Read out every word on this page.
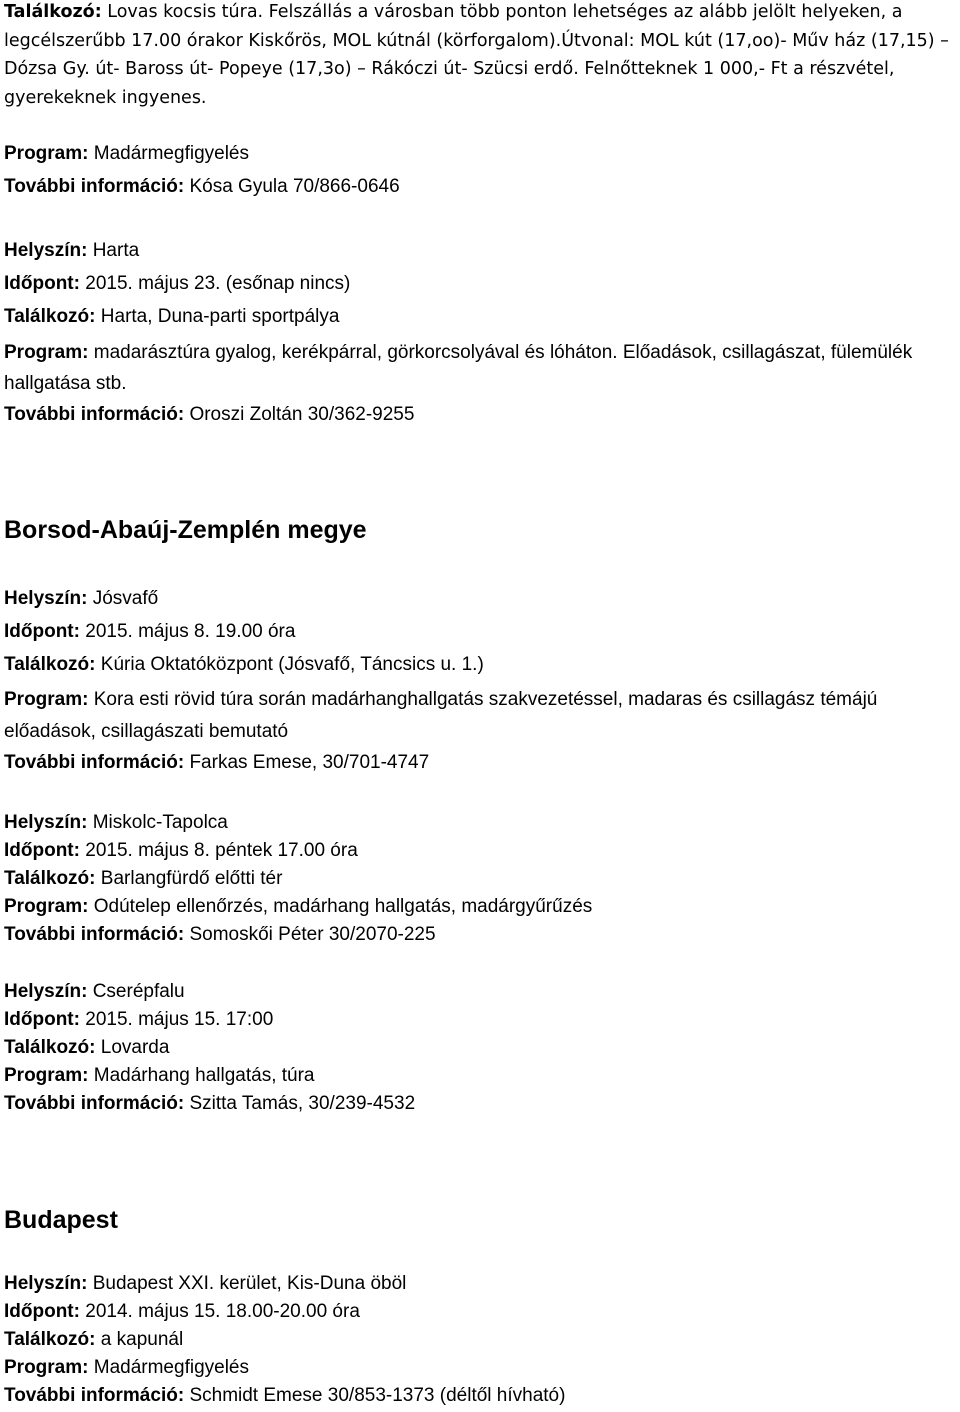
Találkozó: Lovas kocsis túra. Felszállás a városban több ponton lehetséges az alább jelölt helyeken, a legcélszerűbb 17.00 órakor Kiskőrös, MOL kútnál (körforgalom).Útvonal: MOL kút (17,oo)- Műv ház (17,15) – Dózsa Gy. út- Baross út- Popeye (17,3o) – Rákóczi út- Szücsi erdő. Felnőtteknek 1 000,- Ft a részvétel, gyerekeknek ingyenes.
Program: Madármegfigyelés
További információ: Kósa Gyula 70/866-0646
Helyszín: Harta
Időpont: 2015. május 23. (esőnap nincs)
Találkozó: Harta, Duna-parti sportpálya
Program: madarásztúra gyalog, kerékpárral, görkorcsolyával és lóháton. Előadások, csillagászat, fülemülék hallgatása stb.
További információ: Oroszi Zoltán 30/362-9255
Borsod-Abaúj-Zemplén megye
Helyszín: Jósvafő
Időpont: 2015. május 8. 19.00 óra
Találkozó: Kúria Oktatóközpont (Jósvafő, Táncsics u. 1.)
Program: Kora esti rövid túra során madárhanghallgatás szakvezetéssel, madaras és csillagász témájú előadások, csillagászati bemutató
További információ: Farkas Emese, 30/701-4747
Helyszín: Miskolc-Tapolca
Időpont: 2015. május 8. péntek 17.00 óra
Találkozó: Barlangfürdő előtti tér
Program: Odútelep ellenőrzés, madárhang hallgatás, madárgyűrűzés
További információ: Somoskői Péter 30/2070-225
Helyszín: Cserépfalu
Időpont: 2015. május 15. 17:00
Találkozó: Lovarda
Program: Madárhang hallgatás, túra
További információ: Szitta Tamás, 30/239-4532
Budapest
Helyszín: Budapest XXI. kerület, Kis-Duna öböl
Időpont: 2014. május 15. 18.00-20.00 óra
Találkozó: a kapunál
Program: Madármegfigyelés
További információ: Schmidt Emese 30/853-1373 (déltől hívható)
